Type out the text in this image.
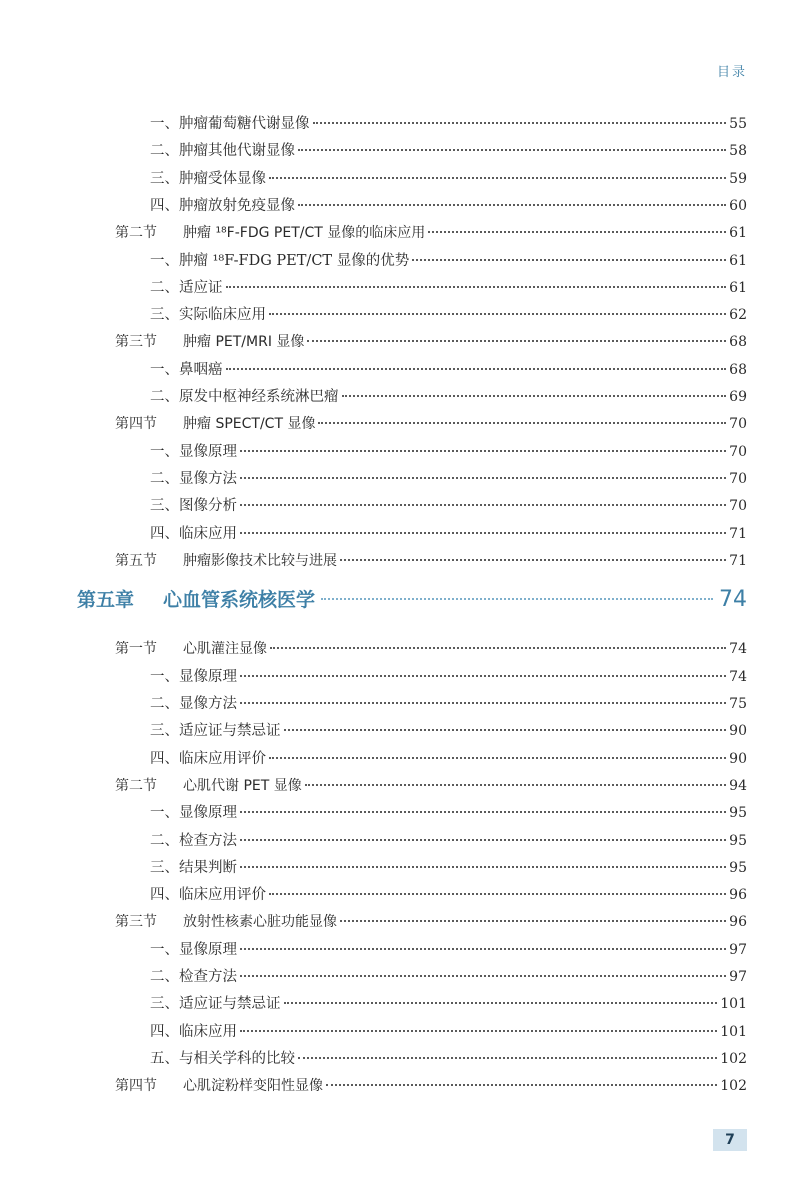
目录
一、肿瘤葡萄糖代谢显像	55
二、肿瘤其他代谢显像	58
三、肿瘤受体显像	59
四、肿瘤放射免疫显像	60
第二节 肿瘤 ¹⁸F-FDG PET/CT 显像的临床应用	61
一、肿瘤 ¹⁸F-FDG PET/CT 显像的优势	61
二、适应证	61
三、实际临床应用	62
第三节 肿瘤 PET/MRI 显像	68
一、鼻咽癌	68
二、原发中枢神经系统淋巴瘤	69
第四节 肿瘤 SPECT/CT 显像	70
一、显像原理	70
二、显像方法	70
三、图像分析	70
四、临床应用	71
第五节 肿瘤影像技术比较与进展	71
第五章	心血管系统核医学	74
第一节 心肌灌注显像	74
一、显像原理	74
二、显像方法	75
三、适应证与禁忌证	90
四、临床应用评价	90
第二节 心肌代谢 PET 显像	94
一、显像原理	95
二、检查方法	95
三、结果判断	95
四、临床应用评价	96
第三节 放射性核素心脏功能显像	96
一、显像原理	97
二、检查方法	97
三、适应证与禁忌证	101
四、临床应用	101
五、与相关学科的比较	102
第四节 心肌淀粉样变阳性显像	102
7
